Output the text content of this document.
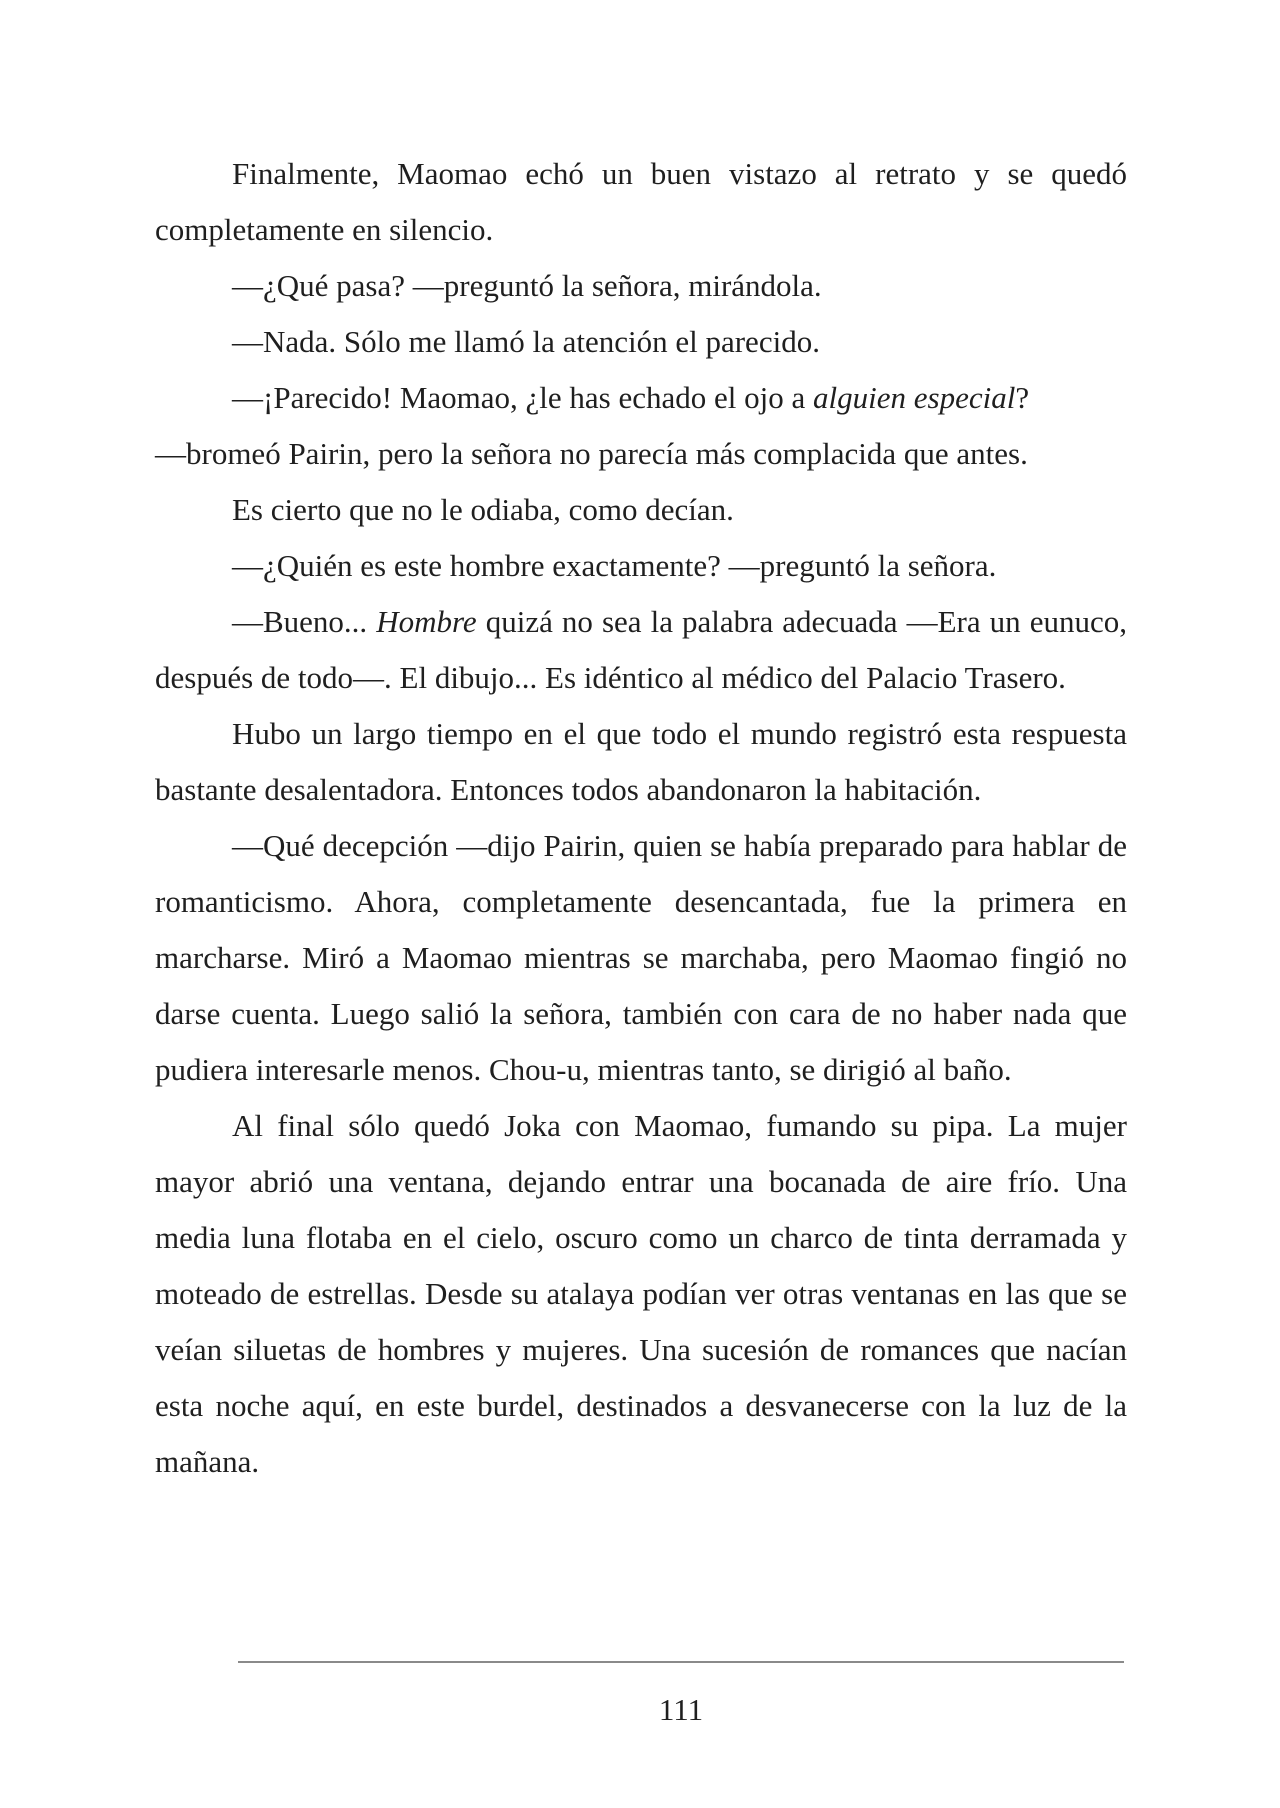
Finalmente, Maomao echó un buen vistazo al retrato y se quedó completamente en silencio.

—¿Qué pasa? —preguntó la señora, mirándola.

—Nada. Sólo me llamó la atención el parecido.

—¡Parecido! Maomao, ¿le has echado el ojo a alguien especial?

—bromeó Pairin, pero la señora no parecía más complacida que antes.

Es cierto que no le odiaba, como decían.

—¿Quién es este hombre exactamente? —preguntó la señora.

—Bueno... Hombre quizá no sea la palabra adecuada —Era un eunuco, después de todo—. El dibujo... Es idéntico al médico del Palacio Trasero.

Hubo un largo tiempo en el que todo el mundo registró esta respuesta bastante desalentadora. Entonces todos abandonaron la habitación.

—Qué decepción —dijo Pairin, quien se había preparado para hablar de romanticismo. Ahora, completamente desencantada, fue la primera en marcharse. Miró a Maomao mientras se marchaba, pero Maomao fingió no darse cuenta. Luego salió la señora, también con cara de no haber nada que pudiera interesarle menos. Chou-u, mientras tanto, se dirigió al baño.

Al final sólo quedó Joka con Maomao, fumando su pipa. La mujer mayor abrió una ventana, dejando entrar una bocanada de aire frío. Una media luna flotaba en el cielo, oscuro como un charco de tinta derramada y moteado de estrellas. Desde su atalaya podían ver otras ventanas en las que se veían siluetas de hombres y mujeres. Una sucesión de romances que nacían esta noche aquí, en este burdel, destinados a desvanecerse con la luz de la mañana.

111
